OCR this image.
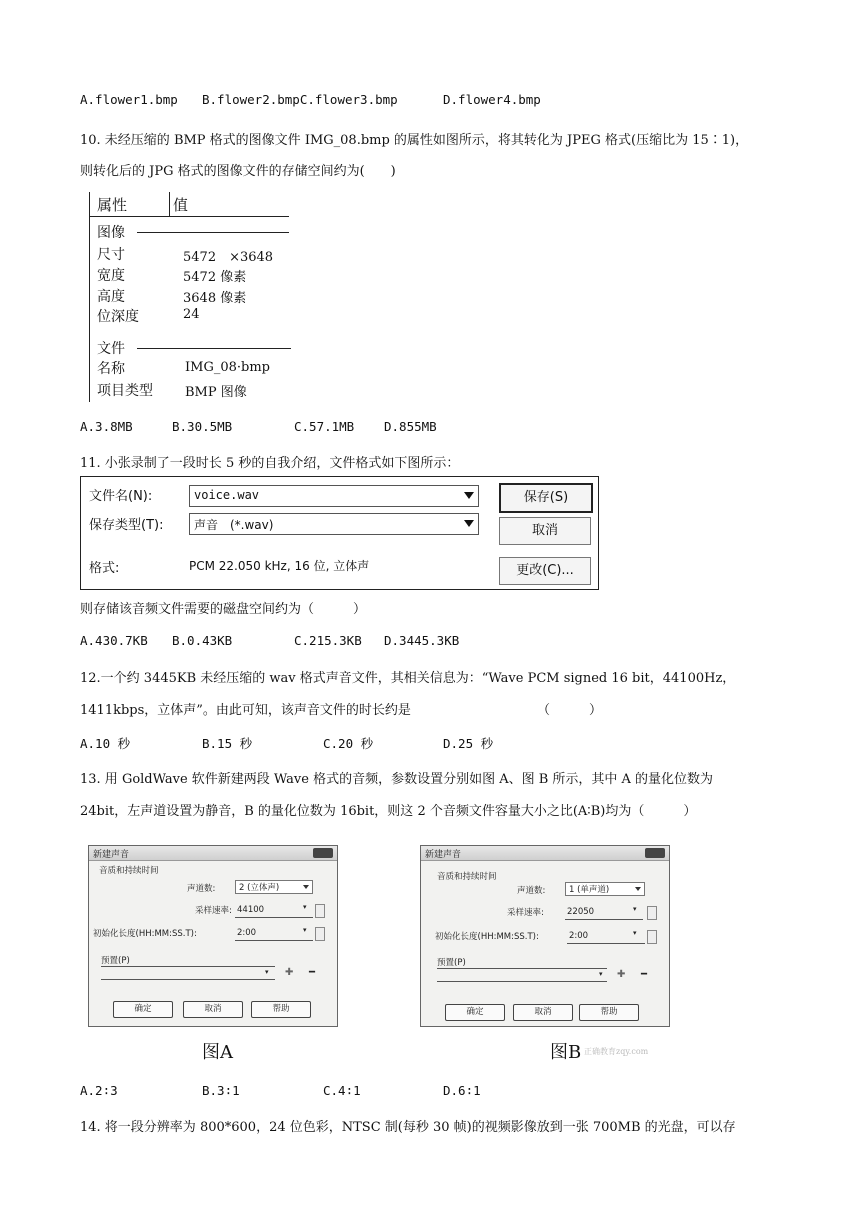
A.flower1.bmp B.flower2.bmpC.flower3.bmp	D.flower4.bmp
10. 未经压缩的 BMP 格式的图像文件 IMG_08.bmp 的属性如图所示，将其转化为 JPEG 格式(压缩比为 15∶1)，
则转化后的 JPG 格式的图像文件的存储空间约为(　　)
属性	值
图像
尺寸	5472　×3648
宽度	5472 像素
高度	3648 像素
位深度	24
文件
名称	IMG_08·bmp
项目类型 BMP 图像
A.3.8MB	B.30.5MB	C.57.1MB D.855MB
11. 小张录制了一段时长 5 秒的自我介绍，文件格式如下图所示：
文件名(N):	voice.wav
保存类型(T):	声音　(*.wav)
格式:	PCM 22.050 kHz, 16 位, 立体声
保存(S)
取消
更改(C)...
则存储该音频文件需要的磁盘空间约为（　　　）
A.430.7KB B.0.43KB	C.215.3KB D.3445.3KB
12.一个约 3445KB 未经压缩的 wav 格式声音文件，其相关信息为：“Wave PCM signed 16 bit，44100Hz，
1411kbps，立体声”。由此可知，该声音文件的时长约是	（　　　）
A.10 秒	B.15 秒	C.20 秒	D.25 秒
13. 用 GoldWave 软件新建两段 Wave 格式的音频，参数设置分别如图 A、图 B 所示，其中 A 的量化位数为
24bit，左声道设置为静音，B 的量化位数为 16bit，则这 2 个音频文件容量大小之比(A∶B)均为（　　　）
新建声音
音质和持续时间
声道数:	2 (立体声)
采样速率: 44100	▾
初始化长度(HH:MM:SS.T):	2:00	▾
预置(P)
▾ ✚ ━
确定	取消	帮助
图A
新建声音
音质和持续时间
声道数:	1 (单声道)
采样速率:	22050	▾
初始化长度(HH:MM:SS.T):	2:00	▾
预置(P)
▾ ✚ ━
确定	取消	帮助
图B 正确教育zqy.com
A.2∶3	B.3∶1	C.4∶1	D.6∶1
14. 将一段分辨率为 800*600，24 位色彩，NTSC 制(每秒 30 帧)的视频影像放到一张 700MB 的光盘，可以存
